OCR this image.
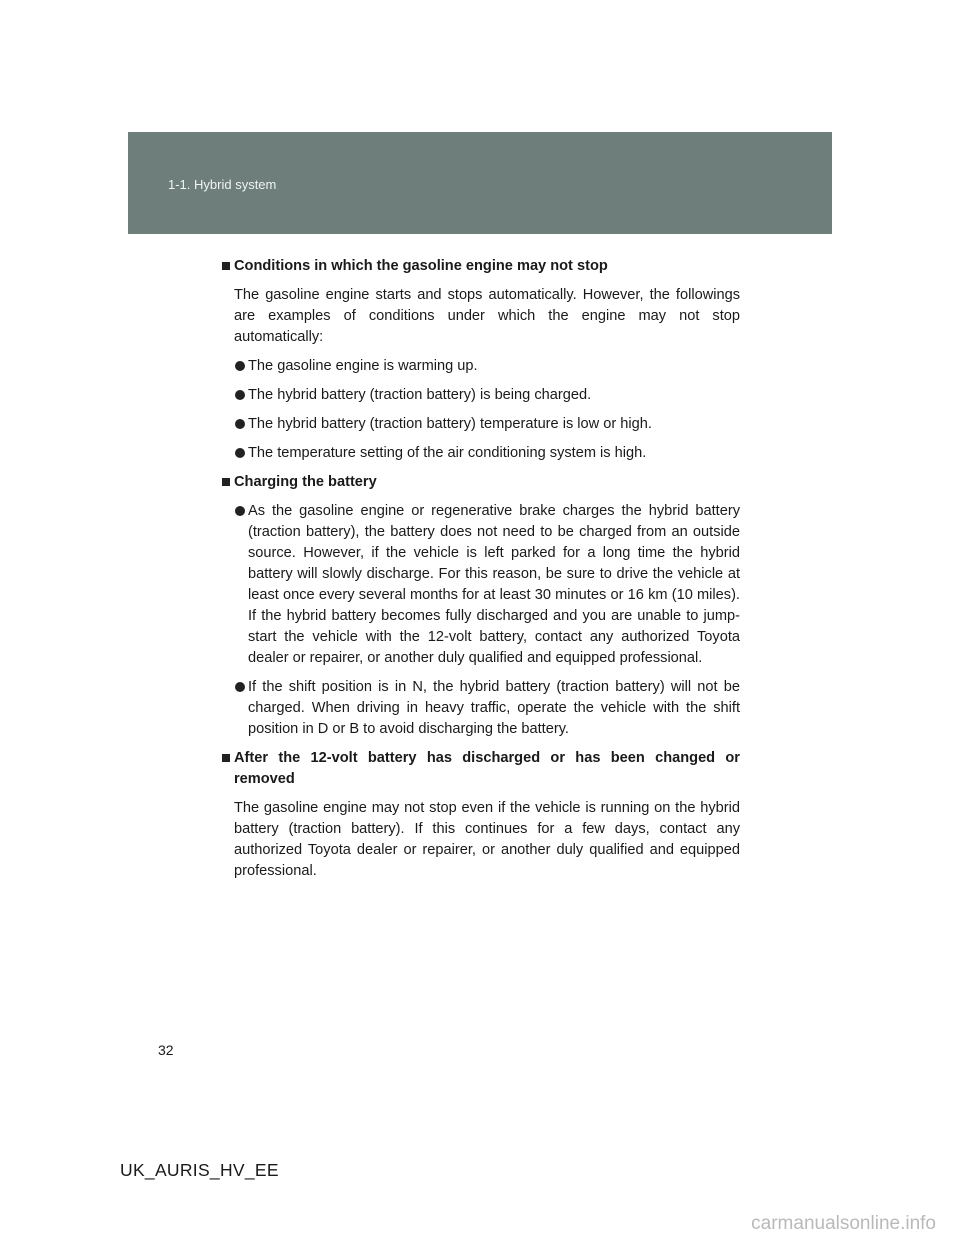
1-1. Hybrid system
Conditions in which the gasoline engine may not stop
The gasoline engine starts and stops automatically. However, the followings are examples of conditions under which the engine may not stop automatically:
The gasoline engine is warming up.
The hybrid battery (traction battery) is being charged.
The hybrid battery (traction battery) temperature is low or high.
The temperature setting of the air conditioning system is high.
Charging the battery
As the gasoline engine or regenerative brake charges the hybrid battery (traction battery), the battery does not need to be charged from an outside source. However, if the vehicle is left parked for a long time the hybrid battery will slowly discharge. For this reason, be sure to drive the vehicle at least once every several months for at least 30 minutes or 16 km (10 miles). If the hybrid battery becomes fully discharged and you are unable to jump-start the vehicle with the 12-volt battery, contact any authorized Toyota dealer or repairer, or another duly qualified and equipped professional.
If the shift position is in N, the hybrid battery (traction battery) will not be charged. When driving in heavy traffic, operate the vehicle with the shift position in D or B to avoid discharging the battery.
After the 12-volt battery has discharged or has been changed or removed
The gasoline engine may not stop even if the vehicle is running on the hybrid battery (traction battery). If this continues for a few days, contact any authorized Toyota dealer or repairer, or another duly qualified and equipped professional.
32
UK_AURIS_HV_EE
carmanualsonline.info
